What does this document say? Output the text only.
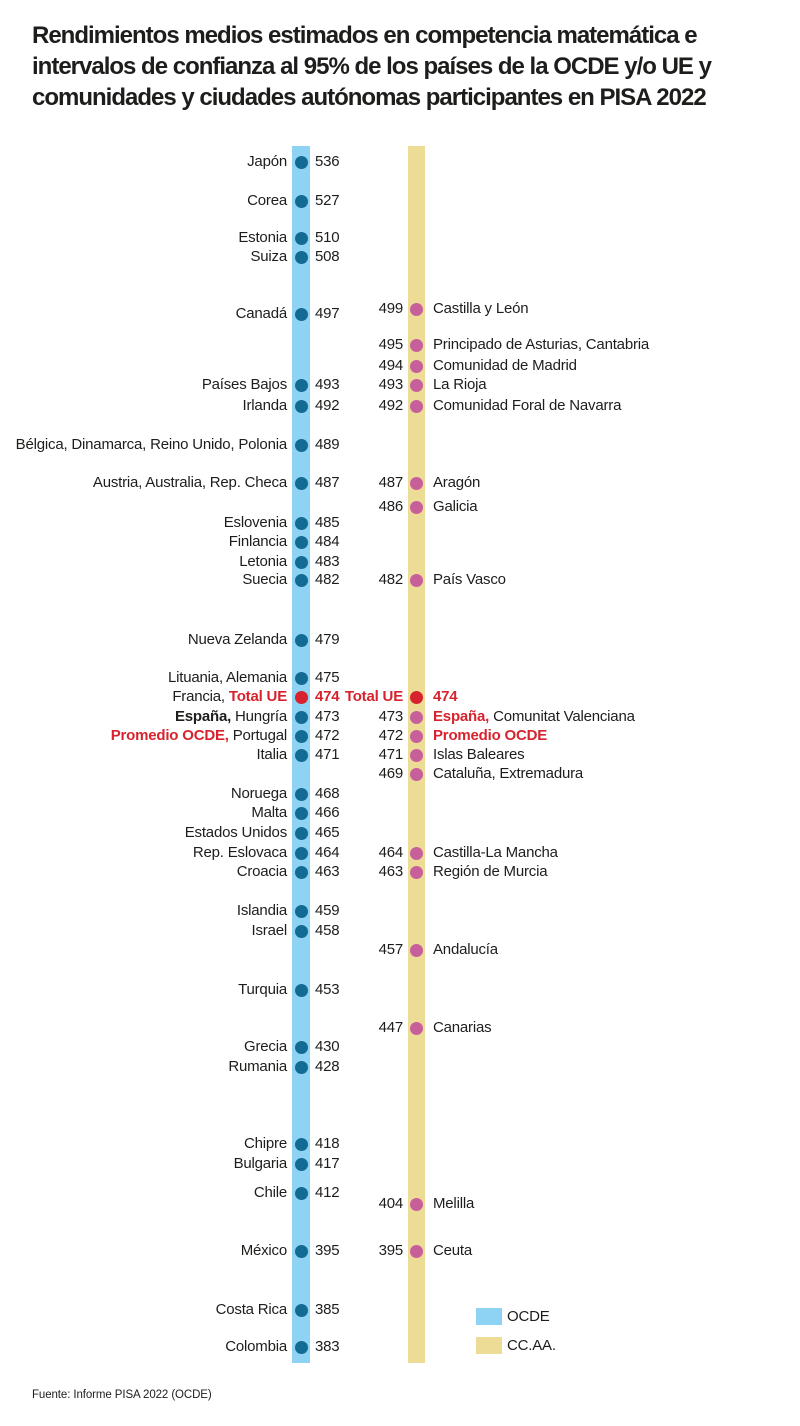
Rendimientos medios estimados en competencia matemática e
intervalos de confianza al 95% de los países de la OCDE y/o UE y
comunidades y ciudades autónomas participantes en PISA 2022
Japón 536
Corea 527
Estonia 510
Suiza 508
Canadá 497
Países Bajos 493
Irlanda 492
Bélgica, Dinamarca, Reino Unido, Polonia 489
Austria, Australia, Rep. Checa 487
Eslovenia 485
Finlancia 484
Letonia 483
Suecia 482
Nueva Zelanda 479
Lituania, Alemania 475
Francia, Total UE 474
España, Hungría 473
Promedio OCDE, Portugal 472
Italia 471
Noruega 468
Malta 466
Estados Unidos 465
Rep. Eslovaca 464
Croacia 463
Islandia 459
Israel 458
Turquia 453
Grecia 430
Rumania 428
Chipre 418
Bulgaria 417
Chile 412
México 395
Costa Rica 385
Colombia 383
499 Castilla y León
495 Principado de Asturias, Cantabria
494 Comunidad de Madrid
493 La Rioja
492 Comunidad Foral de Navarra
487 Aragón
486 Galicia
482 País Vasco
Total UE 474
473 España, Comunitat Valenciana
472 Promedio OCDE
471 Islas Baleares
469 Cataluña, Extremadura
464 Castilla-La Mancha
463 Región de Murcia
457 Andalucía
447 Canarias
404 Melilla
395 Ceuta
OCDE
CC.AA.
Fuente: Informe PISA 2022 (OCDE)
